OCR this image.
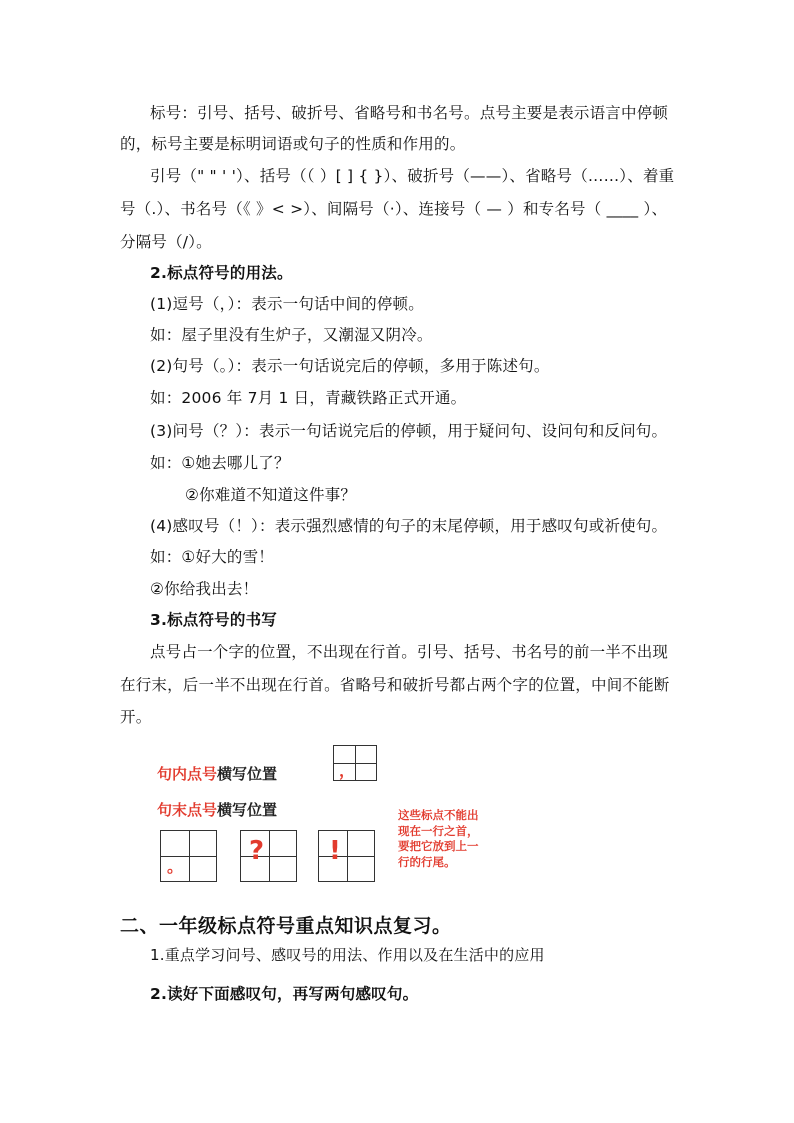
标号：引号、括号、破折号、省略号和书名号。点号主要是表示语言中停顿
的，标号主要是标明词语或句子的性质和作用的。
引号（" " ' '）、括号（（ ）[ ] { }）、破折号（——）、省略号（……）、着重
号（.）、书名号（《 》< >）、间隔号（·）、连接号（ — ）和专名号（ ____ ）、
分隔号（/）。
2.标点符号的用法。
(1)逗号（，）：表示一句话中间的停顿。
如：屋子里没有生炉子，又潮湿又阴冷。
(2)句号（。）：表示一句话说完后的停顿，多用于陈述句。
如：2006 年 7月 1 日，青藏铁路正式开通。
(3)问号（？）：表示一句话说完后的停顿，用于疑问句、设问句和反问句。
如：①她去哪儿了？
②你难道不知道这件事？
(4)感叹号（！）：表示强烈感情的句子的末尾停顿，用于感叹句或祈使句。
如：①好大的雪！
②你给我出去！
3.标点符号的书写
点号占一个字的位置，不出现在行首。引号、括号、书名号的前一半不出现
在行末，后一半不出现在行首。省略号和破折号都占两个字的位置，中间不能断
开。
句内点号横写位置	，
句末点号横写位置
。
? !
这些标点不能出
现在一行之首，
要把它放到上一
行的行尾。
二、一年级标点符号重点知识点复习。
1.重点学习问号、感叹号的用法、作用以及在生活中的应用
2.读好下面感叹句，再写两句感叹句。
